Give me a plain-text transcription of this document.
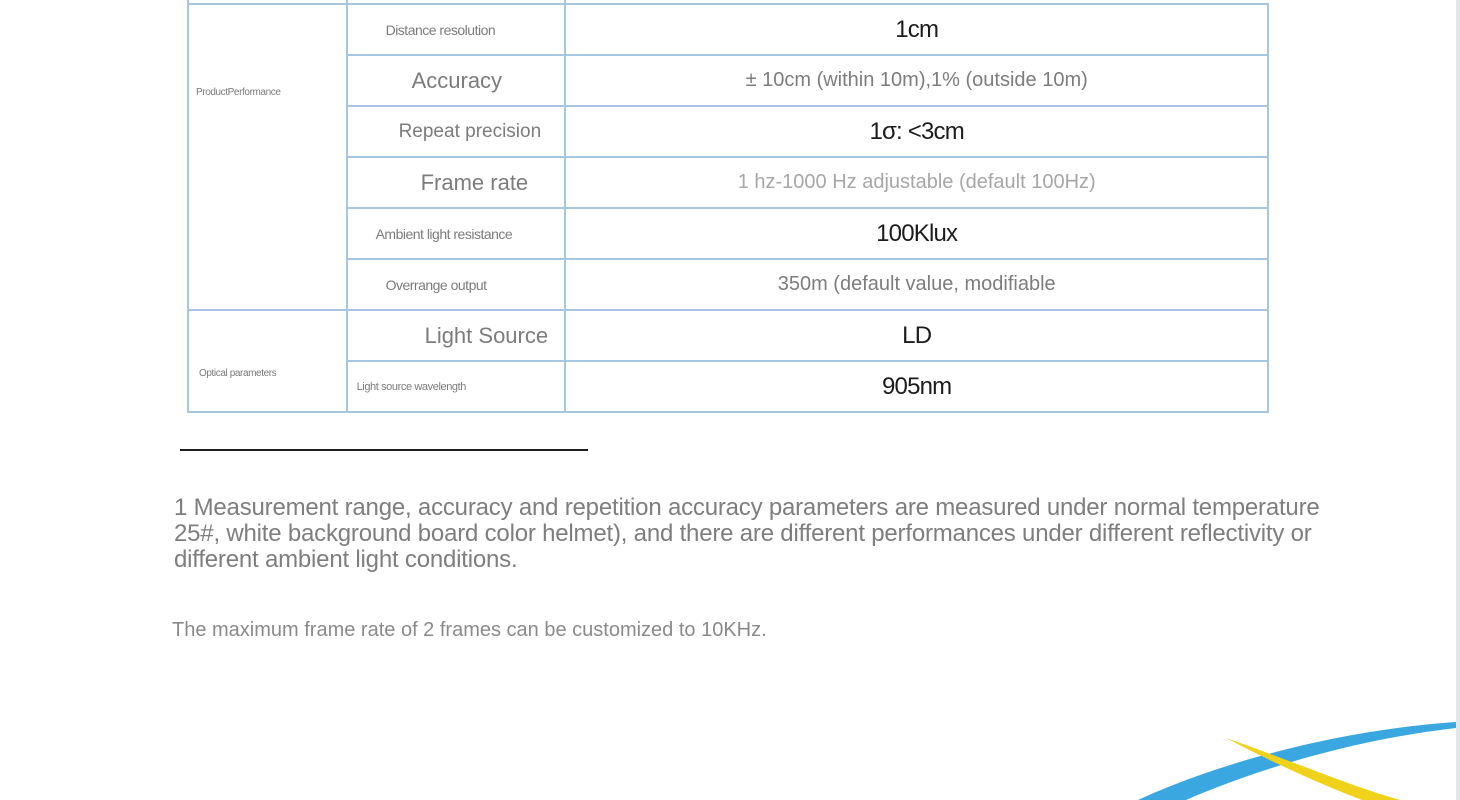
ProductPerformance	Distance resolution	1cm
	Accuracy	± 10cm (within 10m),1% (outside 10m)
	Repeat precision	1σ: <3cm
	Frame rate	1 hz-1000 Hz adjustable (default 100Hz)
	Ambient light resistance	100Klux
	Overrange output	350m (default value, modifiable
Optical parameters	Light Source	LD
	Light source wavelength	905nm
1 Measurement range, accuracy and repetition accuracy parameters are measured under normal temperature 25#, white background board color helmet), and there are different performances under different reflectivity or different ambient light conditions.
The maximum frame rate of 2 frames can be customized to 10KHz.
